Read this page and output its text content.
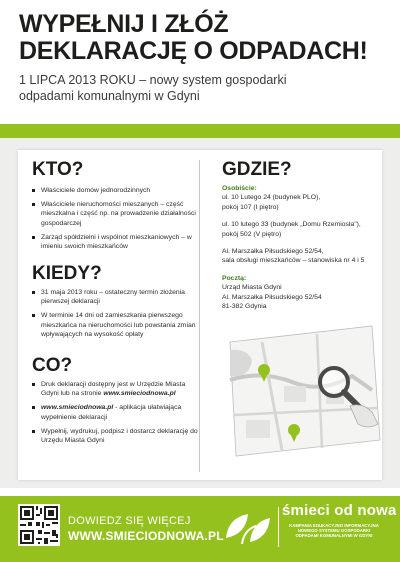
WYPEŁNIJ I ZŁÓŻ
DEKLARACJĘ O ODPADACH!

1 LIPCA 2013 ROKU – nowy system gospodarki
odpadami komunalnymi w Gdyni

KTO?
Właściciele domów jednorodzinnych
Właściciele nieruchomości mieszanych – część mieszkalna i część np. na prowadzenie działalności gospodarczej
Zarząd spółdzielni i wspólnot mieszkaniowych – w imieniu swoich mieszkańców
KIEDY?
31 maja 2013 roku – ostateczny termin złożenia pierwszej deklaracji
W terminie 14 dni od zamieszkania pierwszego mieszkańca na nieruchomości lub powstania zmian wpływających na wysokość opłaty
CO?
Druk deklaracji dostępny jest w Urzędzie Miasta Gdyni lub na stronie www.smieciodnowa.pl
www.smieciodnowa.pl - aplikacja ułatwiająca wypełnienie deklaracji
Wypełnij, wydrukuj, podpisz i dostarcz deklarację do Urzędu Miasta Gdyni
GDZIE?

Osobiście:
ul. 10 Lutego 24 (budynek PLO),
pokój 107 (I piętro)

ul. 10 lutego 33 (budynek „Domu Rzemiosła"),
pokój 502 (V piętro)

Al. Marszałka Piłsudskiego 52/54,
sala obsługi mieszkańców – stanowiska nr 4 i 5

Pocztą:
Urząd Miasta Gdyni
Al. Marszałka Piłsudskiego 52/54
81-382 Gdynia

DOWIEDZ SIĘ WIĘCEJ
WWW.SMIECIODNOWA.PL
śmieci od nowa
KAMPANIA EDUKACYJNO INFORMACYJNA
NOWEGO SYSTEMU GOSPODARKI
ODPADAMI KOMUNALNYMI W GDYNI
